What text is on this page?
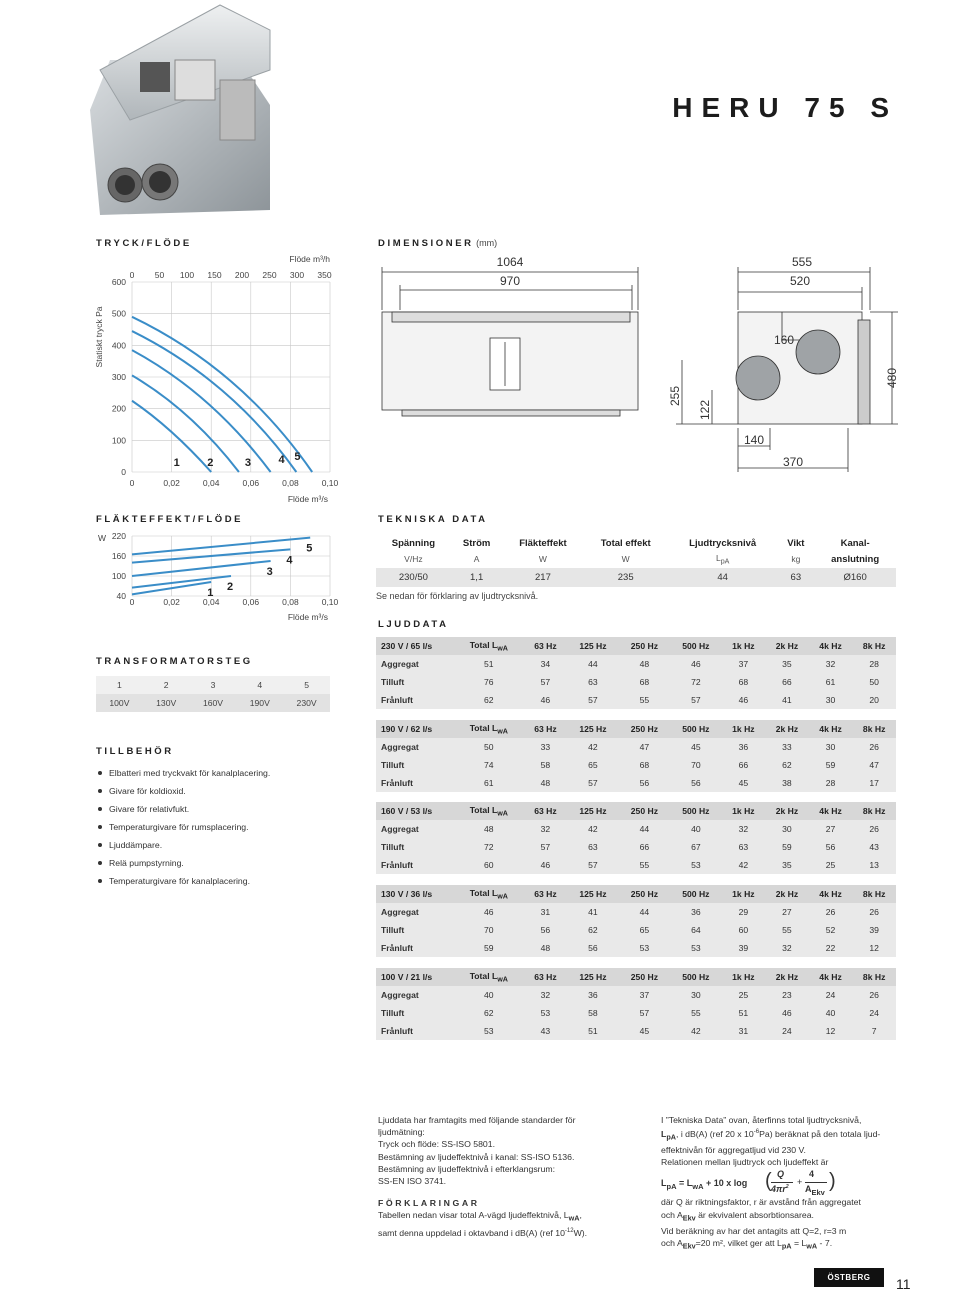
HERU 75 S
TRYCK/FLÖDE
600
500
400
300
200
100
0
0 50 100 150 200 250 300 350
Flöde m³/h
0	0,02	0,04	0,06	0,08	0,10
Flöde m³/s
Statiskt tryck Pa
1	2	3	4 5
FLÄKTEFFEKT/FLÖDE
220
160
100
40
0	0,02	0,04	0,06	0,08	0,10
Flöde m³/s
W
1 2
3
4
5
TRANSFORMATORSTEG
1	2	3	4	5
100V	130V	160V	190V	230V
TILLBEHÖR
Elbatteri med tryckvakt för kanalplacering.
Givare för koldioxid.
Givare för relativfukt.
Temperaturgivare för rumsplacering.
Ljuddämpare.
Relä pumpstyrning.
Temperaturgivare för kanalplacering.
DIMENSIONER (mm)
1064
970
555
520
160
480
255
122
140
370
TEKNISKA DATA
Spänning	Ström	Fläkteffekt	Total effekt	Ljudtrycksnivå	Vikt	Kanal-
V/Hz	A	W	W	$L_{pA}$	kg	anslutning
230/50	1,1	217	235	44	63	Ø160
Se nedan för förklaring av ljudtrycksnivå.
LJUDDATA
230 V / 65 l/s	Total $L_{wA}$	63 Hz	125 Hz	250 Hz	500 Hz	1k Hz	2k Hz	4k Hz	8k Hz
Aggregat	51	34	44	48	46	37	35	32	28
Tilluft	76	57	63	68	72	68	66	61	50
Frånluft	62	46	57	55	57	46	41	30	20
190 V / 62 l/s	Total $L_{wA}$	63 Hz	125 Hz	250 Hz	500 Hz	1k Hz	2k Hz	4k Hz	8k Hz
Aggregat	50	33	42	47	45	36	33	30	26
Tilluft	74	58	65	68	70	66	62	59	47
Frånluft	61	48	57	56	56	45	38	28	17
160 V / 53 l/s	Total $L_{wA}$	63 Hz	125 Hz	250 Hz	500 Hz	1k Hz	2k Hz	4k Hz	8k Hz
Aggregat	48	32	42	44	40	32	30	27	26
Tilluft	72	57	63	66	67	63	59	56	43
Frånluft	60	46	57	55	53	42	35	25	13
130 V / 36 l/s	Total $L_{wA}$	63 Hz	125 Hz	250 Hz	500 Hz	1k Hz	2k Hz	4k Hz	8k Hz
Aggregat	46	31	41	44	36	29	27	26	26
Tilluft	70	56	62	65	64	60	55	52	39
Frånluft	59	48	56	53	53	39	32	22	12
100 V / 21 l/s	Total $L_{wA}$	63 Hz	125 Hz	250 Hz	500 Hz	1k Hz	2k Hz	4k Hz	8k Hz
Aggregat	40	32	36	37	30	25	23	24	26
Tilluft	62	53	58	57	55	51	46	40	24
Frånluft	53	43	51	45	42	31	24	12	7

Ljuddata har framtagits med följande standarder för

ljudmätning:

Tryck och flöde: SS-ISO 5801.

Bestämning av ljudeffektnivå i kanal: SS-ISO 5136.

Bestämning av ljudeffektnivå i efterklangsrum:

SS-EN ISO 3741.

FÖRKLARINGAR

Tabellen nedan visar total A-vägd ljudeffektnivå, $L_{wA}$,

samt denna uppdelad i oktavband i dB(A) (ref $10^{-12}W$).

I ”Tekniska Data” ovan, återfinns total ljudtrycksnivå,

$L_{pA}$, i dB(A) (ref 20 x $10^{-6}Pa$) beräknat på den totala ljud-

effektnivån för aggregatljud vid 230 V.

Relationen mellan ljudtryck och ljudeffekt är

$L_{pA} = L_{wA} + 10$ x log ( Q
$4\pi r^2$ +
4
$A_{Ekv}$
)

där Q är riktningsfaktor, r är avstånd från aggregatet

och $A_{Ekv}$ är ekvivalent absorbtionsarea.

Vid beräkning av har det antagits att Q=2, r=3 m

och $A_{Ekv}=20$ m², vilket ger att $L_{pA} = L_{wA} - 7$.

ÖSTBERG	11
